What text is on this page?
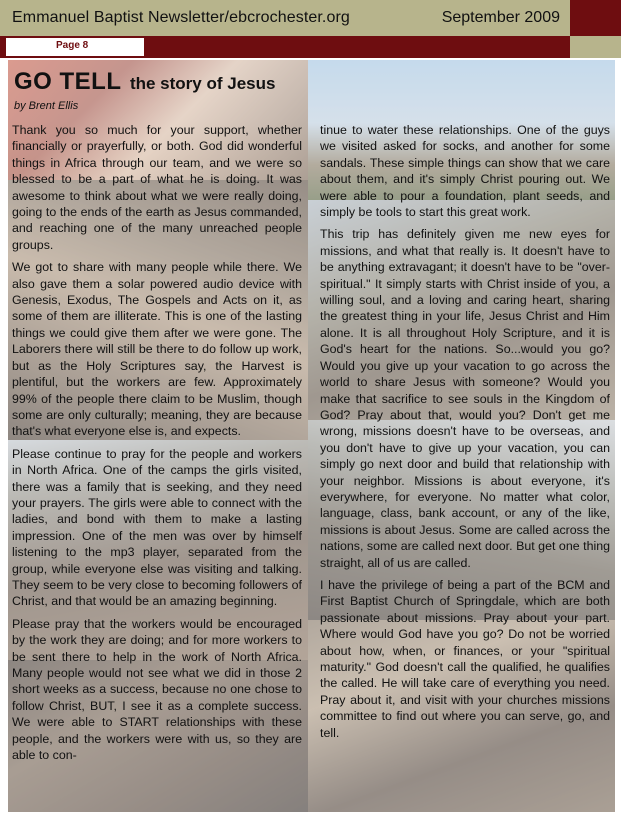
Emmanuel Baptist Newsletter/ebcrochester.org	September 2009
Page 8
GO TELL the story of Jesus
by Brent Ellis

Thank you so much for your support, whether financially or prayerfully, or both. God did wonderful things in Africa through our team, and we were so blessed to be a part of what he is doing. It was awesome to think about what we were really doing, going to the ends of the earth as Jesus commanded, and reaching one of the many unreached people groups.

We got to share with many people while there. We also gave them a solar powered audio device with Genesis, Exodus, The Gospels and Acts on it, as some of them are illiterate. This is one of the lasting things we could give them after we were gone. The Laborers there will still be there to do follow up work, but as the Holy Scriptures say, the Harvest is plentiful, but the workers are few. Approximately 99% of the people there claim to be Muslim, though some are only culturally; meaning, they are because that's what everyone else is, and expects.

Please continue to pray for the people and workers in North Africa. One of the camps the girls visited, there was a family that is seeking, and they need your prayers. The girls were able to connect with the ladies, and bond with them to make a lasting impression. One of the men was over by himself listening to the mp3 player, separated from the group, while everyone else was visiting and talking. They seem to be very close to becoming followers of Christ, and that would be an amazing beginning.

Please pray that the workers would be encouraged by the work they are doing; and for more workers to be sent there to help in the work of North Africa. Many people would not see what we did in those 2 short weeks as a success, because no one chose to follow Christ, BUT, I see it as a complete success. We were able to START relationships with these people, and the workers were with us, so they are able to con-

tinue to water these relationships. One of the guys we visited asked for socks, and another for some sandals. These simple things can show that we care about them, and it's simply Christ pouring out. We were able to pour a foundation, plant seeds, and simply be tools to start this great work.

This trip has definitely given me new eyes for missions, and what that really is. It doesn't have to be anything extravagant; it doesn't have to be "over-spiritual." It simply starts with Christ inside of you, a willing soul, and a loving and caring heart, sharing the greatest thing in your life, Jesus Christ and Him alone. It is all throughout Holy Scripture, and it is God's heart for the nations. So...would you go? Would you give up your vacation to go across the world to share Jesus with someone? Would you make that sacrifice to see souls in the Kingdom of God? Pray about that, would you? Don't get me wrong, missions doesn't have to be overseas, and you don't have to give up your vacation, you can simply go next door and build that relationship with your neighbor. Missions is about everyone, it's everywhere, for everyone. No matter what color, language, class, bank account, or any of the like, missions is about Jesus. Some are called across the nations, some are called next door. But get one thing straight, all of us are called.

I have the privilege of being a part of the BCM and First Baptist Church of Springdale, which are both passionate about missions. Pray about your part. Where would God have you go? Do not be worried about how, when, or finances, or your "spiritual maturity." God doesn't call the qualified, he qualifies the called. He will take care of everything you need. Pray about it, and visit with your churches missions committee to find out where you can serve, go, and tell.
